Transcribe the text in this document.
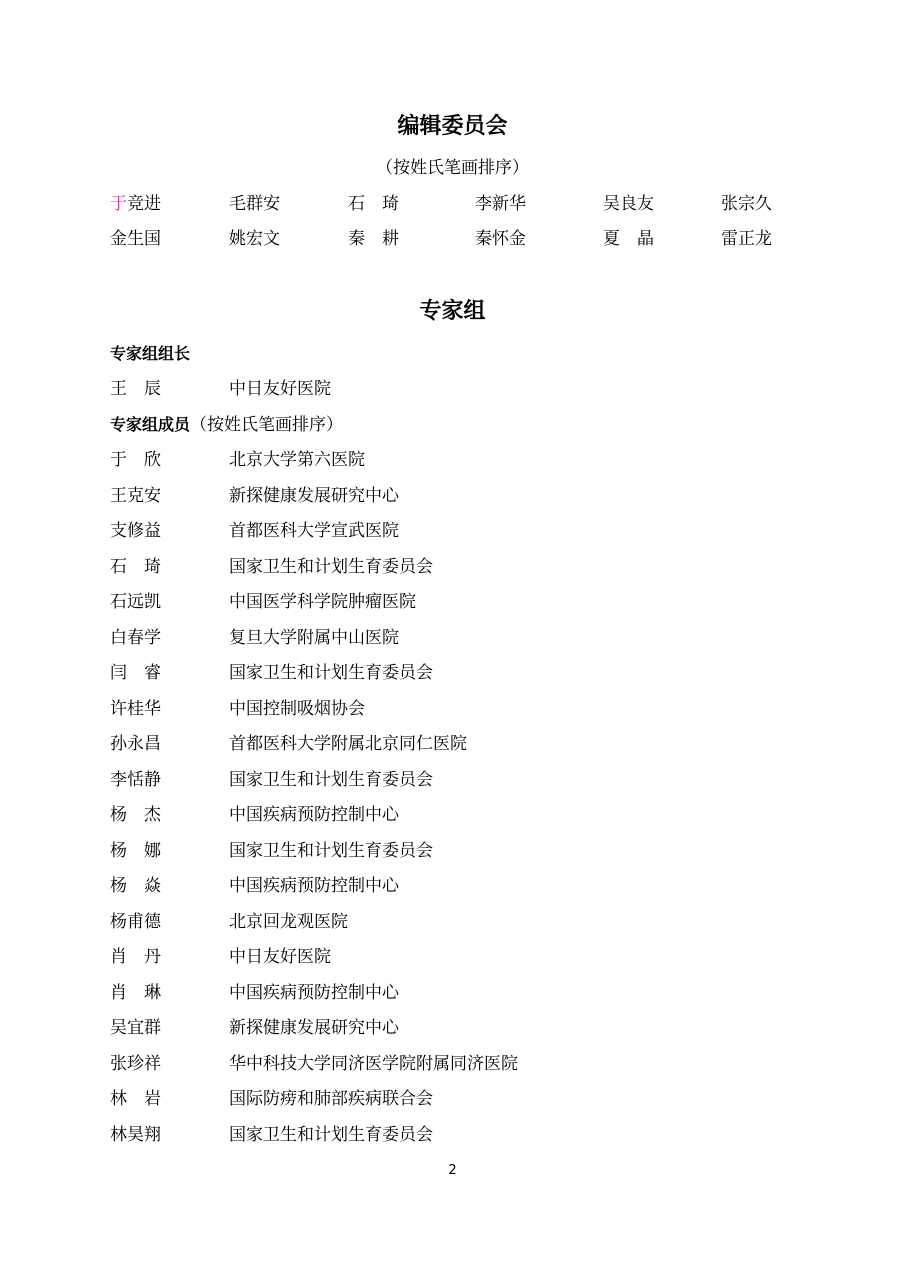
编辑委员会
（按姓氏笔画排序）
于竞进	毛群安	石　琦	李新华	吴良友	张宗久
金生国	姚宏文	秦　耕	秦怀金	夏　晶	雷正龙
专家组
专家组组长
王　辰	中日友好医院
专家组成员（按姓氏笔画排序）
于　欣	北京大学第六医院
王克安	新探健康发展研究中心
支修益	首都医科大学宣武医院
石　琦	国家卫生和计划生育委员会
石远凯	中国医学科学院肿瘤医院
白春学	复旦大学附属中山医院
闫　睿	国家卫生和计划生育委员会
许桂华	中国控制吸烟协会
孙永昌	首都医科大学附属北京同仁医院
李恬静	国家卫生和计划生育委员会
杨　杰	中国疾病预防控制中心
杨　娜	国家卫生和计划生育委员会
杨　焱	中国疾病预防控制中心
杨甫德	北京回龙观医院
肖　丹	中日友好医院
肖　琳	中国疾病预防控制中心
吴宜群	新探健康发展研究中心
张珍祥	华中科技大学同济医学院附属同济医院
林　岩	国际防痨和肺部疾病联合会
林昊翔	国家卫生和计划生育委员会
2
